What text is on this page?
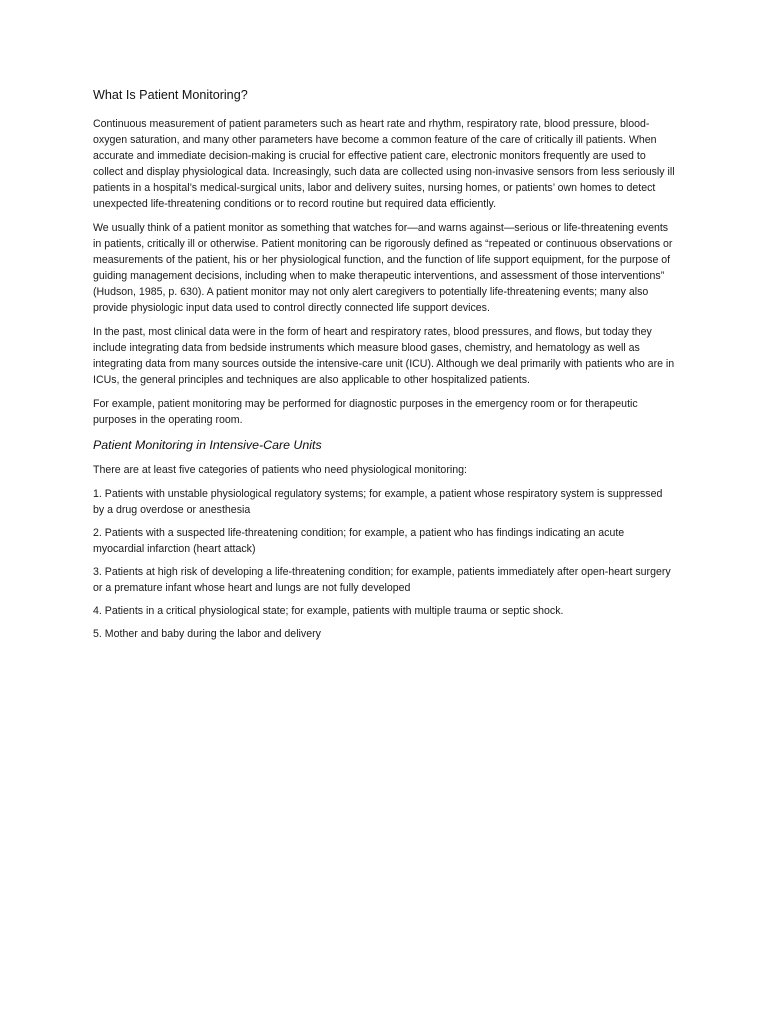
What Is Patient Monitoring?

Continuous measurement of patient parameters such as heart rate and rhythm, respiratory rate, blood pressure, blood-oxygen saturation, and many other parameters have become a common feature of the care of critically ill patients. When accurate and immediate decision-making is crucial for effective patient care, electronic monitors frequently are used to collect and display physiological data. Increasingly, such data are collected using non-invasive sensors from less seriously ill patients in a hospital’s medical-surgical units, labor and delivery suites, nursing homes, or patients’ own homes to detect unexpected life-threatening conditions or to record routine but required data efficiently.

We usually think of a patient monitor as something that watches for—and warns against—serious or life-threatening events in patients, critically ill or otherwise. Patient monitoring can be rigorously defined as “repeated or continuous observations or measurements of the patient, his or her physiological function, and the function of life support equipment, for the purpose of guiding management decisions, including when to make therapeutic interventions, and assessment of those interventions” (Hudson, 1985, p. 630). A patient monitor may not only alert caregivers to potentially life-threatening events; many also provide physiologic input data used to control directly connected life support devices.

In the past, most clinical data were in the form of heart and respiratory rates, blood pressures, and flows, but today they include integrating data from bedside instruments which measure blood gases, chemistry, and hematology as well as integrating data from many sources outside the intensive-care unit (ICU). Although we deal primarily with patients who are in ICUs, the general principles and techniques are also applicable to other hospitalized patients.

For example, patient monitoring may be performed for diagnostic purposes in the emergency room or for therapeutic purposes in the operating room.

Patient Monitoring in Intensive-Care Units

There are at least five categories of patients who need physiological monitoring:

1. Patients with unstable physiological regulatory systems; for example, a patient whose respiratory system is suppressed by a drug overdose or anesthesia

2. Patients with a suspected life-threatening condition; for example, a patient who has findings indicating an acute myocardial infarction (heart attack)

3. Patients at high risk of developing a life-threatening condition; for example, patients immediately after open-heart surgery or a premature infant whose heart and lungs are not fully developed

4. Patients in a critical physiological state; for example, patients with multiple trauma or septic shock.

5. Mother and baby during the labor and delivery
